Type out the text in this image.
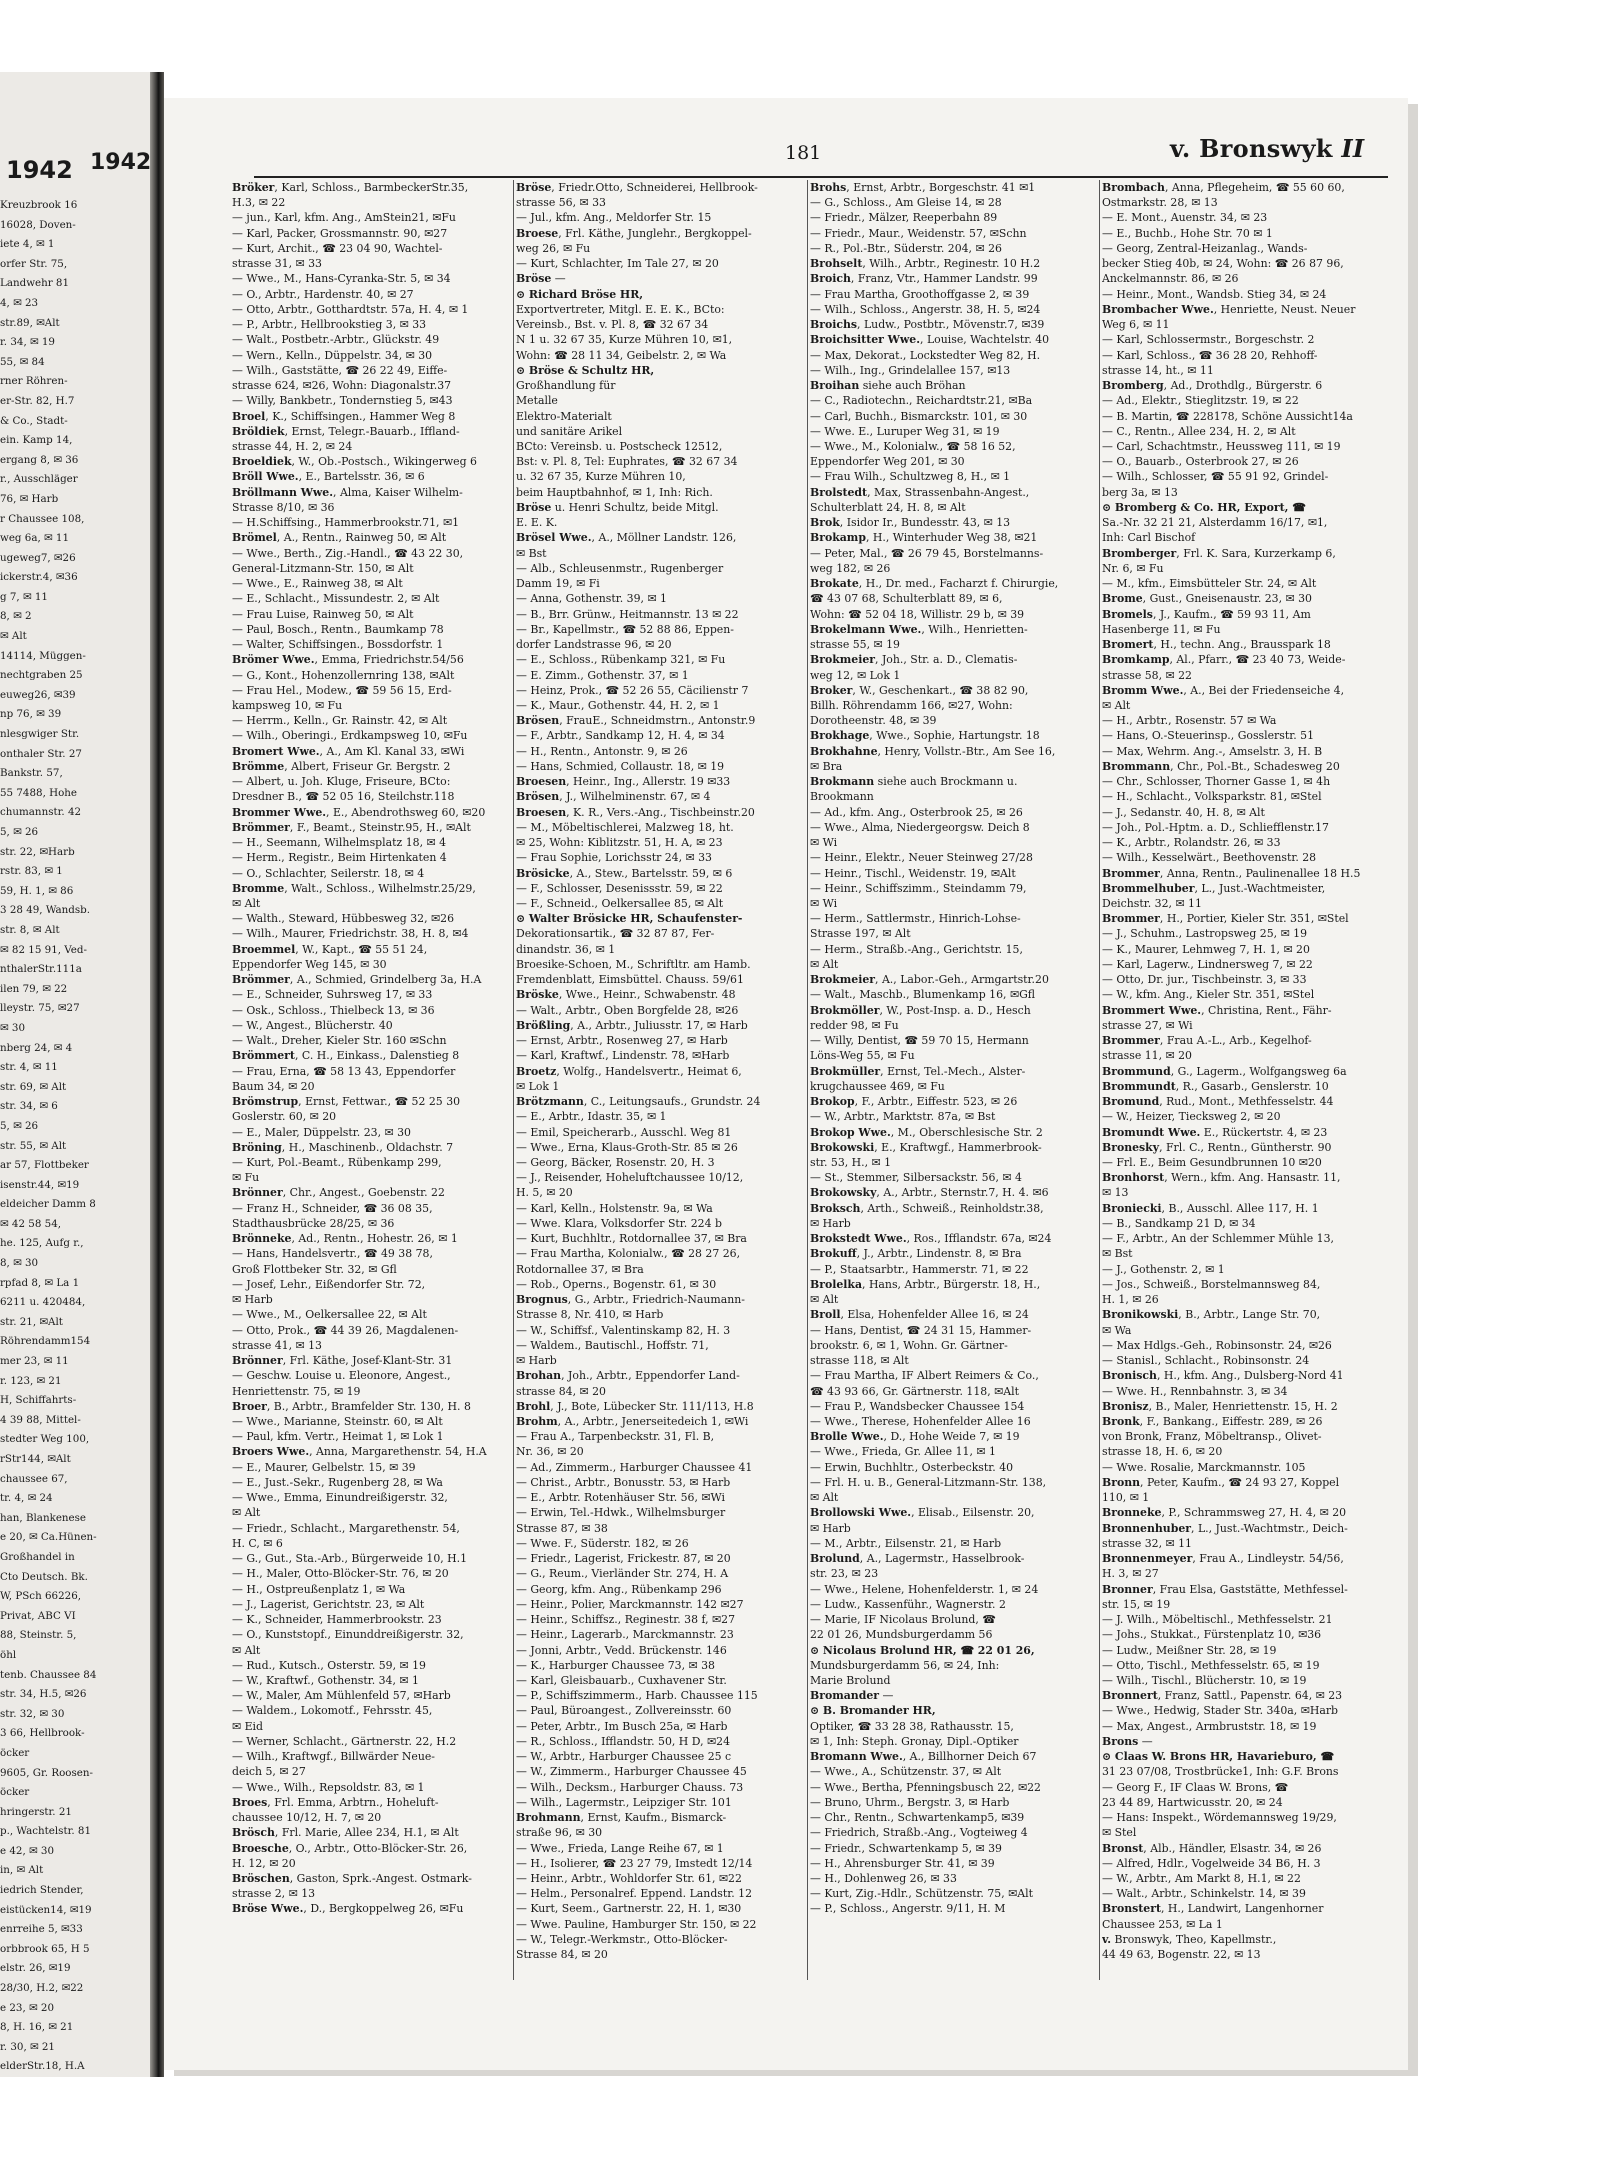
1942
Kreuzbrook 16
16028, Doven-
iete 4, ✉ 1
orfer Str. 75,
Landwehr 81
4, ✉ 23
str.89, ✉Alt
r. 34, ✉ 19
55, ✉ 84
rner Röhren-
er-Str. 82, H.7
& Co., Stadt-
ein. Kamp 14,
ergang 8, ✉ 36
r., Ausschläger
76, ✉ Harb
r Chaussee 108,
weg 6a, ✉ 11
ugeweg7, ✉26
ickerstr.4, ✉36
g 7, ✉ 11
8, ✉ 2
✉ Alt
14114, Müggen-
nechtgraben 25
euweg26, ✉39
np 76, ✉ 39
nlesgwiger Str.
onthaler Str. 27
Bankstr. 57,
55 7488, Hohe
chumannstr. 42
5, ✉ 26
str. 22, ✉Harb
rstr. 83, ✉ 1
59, H. 1, ✉ 86
3 28 49, Wandsb.
str. 8, ✉ Alt
✉ 82 15 91, Ved-
nthalerStr.111a
ilen 79, ✉ 22
lleystr. 75, ✉27
✉ 30
nberg 24, ✉ 4
str. 4, ✉ 11
str. 69, ✉ Alt
str. 34, ✉ 6
5, ✉ 26
str. 55, ✉ Alt
ar 57, Flottbeker
isenstr.44, ✉19
eldeicher Damm 8
✉ 42 58 54,
he. 125, Aufg r.,
8, ✉ 30
rpfad 8, ✉ La 1
6211 u. 420484,
str. 21, ✉Alt
Röhrendamm154
mer 23, ✉ 11
r. 123, ✉ 21
H, Schiffahrts-
4 39 88, Mittel-
stedter Weg 100,
rStr144, ✉Alt
chaussee 67,
tr. 4, ✉ 24
han, Blankenese
e 20, ✉ Ca.Hünen-
Großhandel in
Cto Deutsch. Bk.
W, PSch 66226,
Privat, ABC VI
88, Steinstr. 5,
öhl
tenb. Chaussee 84
str. 34, H.5, ✉26
str. 32, ✉ 30
3 66, Hellbrook-
öcker
9605, Gr. Roosen-
öcker
hringerstr. 21
p., Wachtelstr. 81
e 42, ✉ 30
in, ✉ Alt
iedrich Stender,
eistücken14, ✉19
enrreihe 5, ✉33
orbbrook 65, H 5
elstr. 26, ✉19
28/30, H.2, ✉22
e 23, ✉ 20
8, H. 16, ✉ 21
r. 30, ✉ 21
elderStr.18, H.A
1942	181	v. Bronswyk II
Bröker, Karl, Schloss., BarmbeckerStr.35,
H.3, ✉ 22
— jun., Karl, kfm. Ang., AmStein21, ✉Fu
— Karl, Packer, Grossmannstr. 90, ✉27
— Kurt, Archit., ☎ 23 04 90, Wachtel-
strasse 31, ✉ 33
— Wwe., M., Hans-Cyranka-Str. 5, ✉ 34
— O., Arbtr., Hardenstr. 40, ✉ 27
— Otto, Arbtr., Gotthardtstr. 57a, H. 4, ✉ 1
— P., Arbtr., Hellbrookstieg 3, ✉ 33
— Walt., Postbetr.-Arbtr., Glückstr. 49
— Wern., Kelln., Düppelstr. 34, ✉ 30
— Wilh., Gaststätte, ☎ 26 22 49, Eiffe-
strasse 624, ✉26, Wohn: Diagonalstr.37
— Willy, Bankbetr., Tondernstieg 5, ✉43
Broel, K., Schiffsingen., Hammer Weg 8
Bröldiek, Ernst, Telegr.-Bauarb., Iffland-
strasse 44, H. 2, ✉ 24
Broeldiek, W., Ob.-Postsch., Wikingerweg 6
Bröll Wwe., E., Bartelsstr. 36, ✉ 6
Bröllmann Wwe., Alma, Kaiser Wilhelm-
Strasse 8/10, ✉ 36
— H.Schiffsing., Hammerbrookstr.71, ✉1
Brömel, A., Rentn., Rainweg 50, ✉ Alt
— Wwe., Berth., Zig.-Handl., ☎ 43 22 30,
General-Litzmann-Str. 150, ✉ Alt
— Wwe., E., Rainweg 38, ✉ Alt
— E., Schlacht., Missundestr. 2, ✉ Alt
— Frau Luise, Rainweg 50, ✉ Alt
— Paul, Bosch., Rentn., Baumkamp 78
— Walter, Schiffsingen., Bossdorfstr. 1
Brömer Wwe., Emma, Friedrichstr.54/56
— G., Kont., Hohenzollernring 138, ✉Alt
— Frau Hel., Modew., ☎ 59 56 15, Erd-
kampsweg 10, ✉ Fu
— Herrm., Kelln., Gr. Rainstr. 42, ✉ Alt
— Wilh., Oberingi., Erdkampsweg 10, ✉Fu
Bromert Wwe., A., Am Kl. Kanal 33, ✉Wi
Brömme, Albert, Friseur Gr. Bergstr. 2
— Albert, u. Joh. Kluge, Friseure, BCto:
Dresdner B., ☎ 52 05 16, Steilchstr.118
Brommer Wwe., E., Abendrothsweg 60, ✉20
Brömmer, F., Beamt., Steinstr.95, H., ✉Alt
— H., Seemann, Wilhelmsplatz 18, ✉ 4
— Herm., Registr., Beim Hirtenkaten 4
— O., Schlachter, Seilerstr. 18, ✉ 4
Bromme, Walt., Schloss., Wilhelmstr.25/29,
✉ Alt
— Walth., Steward, Hübbesweg 32, ✉26
— Wilh., Maurer, Friedrichstr. 38, H. 8, ✉4
Broemmel, W., Kapt., ☎ 55 51 24,
Eppendorfer Weg 145, ✉ 30
Brömmer, A., Schmied, Grindelberg 3a, H.A
— E., Schneider, Suhrsweg 17, ✉ 33
— Osk., Schloss., Thielbeck 13, ✉ 36
— W., Angest., Blücherstr. 40
— Walt., Dreher, Kieler Str. 160 ✉Schn
Brömmert, C. H., Einkass., Dalenstieg 8
— Frau, Erna, ☎ 58 13 43, Eppendorfer
Baum 34, ✉ 20
Brömstrup, Ernst, Fettwar., ☎ 52 25 30
Goslerstr. 60, ✉ 20
— E., Maler, Düppelstr. 23, ✉ 30
Bröning, H., Maschinenb., Oldachstr. 7
— Kurt, Pol.-Beamt., Rübenkamp 299,
✉ Fu
Brönner, Chr., Angest., Goebenstr. 22
— Franz H., Schneider, ☎ 36 08 35,
Stadthausbrücke 28/25, ✉ 36
Brönneke, Ad., Rentn., Hohestr. 26, ✉ 1
— Hans, Handelsvertr., ☎ 49 38 78,
Groß Flottbeker Str. 32, ✉ Gfl
— Josef, Lehr., Eißendorfer Str. 72,
✉ Harb
— Wwe., M., Oelkersallee 22, ✉ Alt
— Otto, Prok., ☎ 44 39 26, Magdalenen-
strasse 41, ✉ 13
Brönner, Frl. Käthe, Josef-Klant-Str. 31
— Geschw. Louise u. Eleonore, Angest.,
Henriettenstr. 75, ✉ 19
Broer, B., Arbtr., Bramfelder Str. 130, H. 8
— Wwe., Marianne, Steinstr. 60, ✉ Alt
— Paul, kfm. Vertr., Heimat 1, ✉ Lok 1
Broers Wwe., Anna, Margarethenstr. 54, H.A
— E., Maurer, Gelbelstr. 15, ✉ 39
— E., Just.-Sekr., Rugenberg 28, ✉ Wa
— Wwe., Emma, Einundreißigerstr. 32,
✉ Alt
— Friedr., Schlacht., Margarethenstr. 54,
H. C, ✉ 6
— G., Gut., Sta.-Arb., Bürgerweide 10, H.1
— H., Maler, Otto-Blöcker-Str. 76, ✉ 20
— H., Ostpreußenplatz 1, ✉ Wa
— J., Lagerist, Gerichtstr. 23, ✉ Alt
— K., Schneider, Hammerbrookstr. 23
— O., Kunststopf., Einunddreißigerstr. 32,
✉ Alt
— Rud., Kutsch., Osterstr. 59, ✉ 19
— W., Kraftwf., Gothenstr. 34, ✉ 1
— W., Maler, Am Mühlenfeld 57, ✉Harb
— Waldem., Lokomotf., Fehrsstr. 45,
✉ Eid
— Werner, Schlacht., Gärtnerstr. 22, H.2
— Wilh., Kraftwgf., Billwärder Neue-
deich 5, ✉ 27
— Wwe., Wilh., Repsoldstr. 83, ✉ 1
Broes, Frl. Emma, Arbtrn., Hoheluft-
chaussee 10/12, H. 7, ✉ 20
Brösch, Frl. Marie, Allee 234, H.1, ✉ Alt
Broesche, O., Arbtr., Otto-Blöcker-Str. 26,
H. 12, ✉ 20
Bröschen, Gaston, Sprk.-Angest. Ostmark-
strasse 2, ✉ 13
Bröse Wwe., D., Bergkoppelweg 26, ✉Fu
Bröse, Friedr.Otto, Schneiderei, Hellbrook-
strasse 56, ✉ 33
— Jul., kfm. Ang., Meldorfer Str. 15
Broese, Frl. Käthe, Junglehr., Bergkoppel-
weg 26, ✉ Fu
— Kurt, Schlachter, Im Tale 27, ✉ 20
Bröse —
⊙ Richard Bröse HR,
Exportvertreter, Mitgl. E. E. K., BCto:
Vereinsb., Bst. v. Pl. 8, ☎ 32 67 34
N 1 u. 32 67 35, Kurze Mühren 10, ✉1,
Wohn: ☎ 28 11 34, Geibelstr. 2, ✉ Wa
⊙ Bröse & Schultz HR,
Großhandlung für
Metalle
Elektro-Materialt
und sanitäre Arikel
BCto: Vereinsb. u. Postscheck 12512,
Bst: v. Pl. 8, Tel: Euphrates, ☎ 32 67 34
u. 32 67 35, Kurze Mühren 10,
beim Hauptbahnhof, ✉ 1, Inh: Rich.
Bröse u. Henri Schultz, beide Mitgl.
E. E. K.
Brösel Wwe., A., Möllner Landstr. 126,
✉ Bst
— Alb., Schleusenmstr., Rugenberger
Damm 19, ✉ Fi
— Anna, Gothenstr. 39, ✉ 1
— B., Brr. Grünw., Heitmannstr. 13 ✉ 22
— Br., Kapellmstr., ☎ 52 88 86, Eppen-
dorfer Landstrasse 96, ✉ 20
— E., Schloss., Rübenkamp 321, ✉ Fu
— E. Zimm., Gothenstr. 37, ✉ 1
— Heinz, Prok., ☎ 52 26 55, Cäcilienstr 7
— K., Maur., Gothenstr. 44, H. 2, ✉ 1
Brösen, FrauE., Schneidmstrn., Antonstr.9
— F., Arbtr., Sandkamp 12, H. 4, ✉ 34
— H., Rentn., Antonstr. 9, ✉ 26
— Hans, Schmied, Collaustr. 18, ✉ 19
Broesen, Heinr., Ing., Allerstr. 19 ✉33
Brösen, J., Wilhelminenstr. 67, ✉ 4
Broesen, K. R., Vers.-Ang., Tischbeinstr.20
— M., Möbeltischlerei, Malzweg 18, ht.
✉ 25, Wohn: Kiblitzstr. 51, H. A, ✉ 23
— Frau Sophie, Lorichsstr 24, ✉ 33
Brösicke, A., Stew., Bartelsstr. 59, ✉ 6
— F., Schlosser, Desenissstr. 59, ✉ 22
— F., Schneid., Oelkersallee 85, ✉ Alt
⊙ Walter Brösicke HR, Schaufenster-
Dekorationsartik., ☎ 32 87 87, Fer-
dinandstr. 36, ✉ 1
Broesike-Schoen, M., Schriftltr. am Hamb.
Fremdenblatt, Eimsbüttel. Chauss. 59/61
Bröske, Wwe., Heinr., Schwabenstr. 48
— Walt., Arbtr., Oben Borgfelde 28, ✉26
Brößling, A., Arbtr., Juliusstr. 17, ✉ Harb
— Ernst, Arbtr., Rosenweg 27, ✉ Harb
— Karl, Kraftwf., Lindenstr. 78, ✉Harb
Broetz, Wolfg., Handelsvertr., Heimat 6,
✉ Lok 1
Brötzmann, C., Leitungsaufs., Grundstr. 24
— E., Arbtr., Idastr. 35, ✉ 1
— Emil, Speicherarb., Ausschl. Weg 81
— Wwe., Erna, Klaus-Groth-Str. 85 ✉ 26
— Georg, Bäcker, Rosenstr. 20, H. 3
— J., Reisender, Hoheluftchaussee 10/12,
H. 5, ✉ 20
— Karl, Kelln., Holstenstr. 9a, ✉ Wa
— Wwe. Klara, Volksdorfer Str. 224 b
— Kurt, Buchhltr., Rotdornallee 37, ✉ Bra
— Frau Martha, Kolonialw., ☎ 28 27 26,
Rotdornallee 37, ✉ Bra
— Rob., Operns., Bogenstr. 61, ✉ 30
Brognus, G., Arbtr., Friedrich-Naumann-
Strasse 8, Nr. 410, ✉ Harb
— W., Schiffsf., Valentinskamp 82, H. 3
— Waldem., Bautischl., Hoffstr. 71,
✉ Harb
Brohan, Joh., Arbtr., Eppendorfer Land-
strasse 84, ✉ 20
Brohl, J., Bote, Lübecker Str. 111/113, H.8
Brohm, A., Arbtr., Jenerseitedeich 1, ✉Wi
— Frau A., Tarpenbeckstr. 31, Fl. B,
Nr. 36, ✉ 20
— Ad., Zimmerm., Harburger Chaussee 41
— Christ., Arbtr., Bonusstr. 53, ✉ Harb
— E., Arbtr. Rotenhäuser Str. 56, ✉Wi
— Erwin, Tel.-Hdwk., Wilhelmsburger
Strasse 87, ✉ 38
— Wwe. F., Süderstr. 182, ✉ 26
— Friedr., Lagerist, Frickestr. 87, ✉ 20
— G., Reum., Vierländer Str. 274, H. A
— Georg, kfm. Ang., Rübenkamp 296
— Heinr., Polier, Marckmannstr. 142 ✉27
— Heinr., Schiffsz., Reginestr. 38 f, ✉27
— Heinr., Lagerarb., Marckmannstr. 23
— Jonni, Arbtr., Vedd. Brückenstr. 146
— K., Harburger Chaussee 73, ✉ 38
— Karl, Gleisbauarb., Cuxhavener Str.
— P., Schiffszimmerm., Harb. Chaussee 115
— Paul, Büroangest., Zollvereinsstr. 60
— Peter, Arbtr., Im Busch 25a, ✉ Harb
— R., Schloss., Ifflandstr. 50, H D, ✉24
— W., Arbtr., Harburger Chaussee 25 c
— W., Zimmerm., Harburger Chaussee 45
— Wilh., Decksm., Harburger Chauss. 73
— Wilh., Lagermstr., Leipziger Str. 101
Brohmann, Ernst, Kaufm., Bismarck-
straße 96, ✉ 30
— Wwe., Frieda, Lange Reihe 67, ✉ 1
— H., Isolierer, ☎ 23 27 79, Imstedt 12/14
— Heinr., Arbtr., Wohldorfer Str. 61, ✉22
— Helm., Personalref. Eppend. Landstr. 12
— Kurt, Seem., Gartnerstr. 22, H. 1, ✉30
— Wwe. Pauline, Hamburger Str. 150, ✉ 22
— W., Telegr.-Werkmstr., Otto-Blöcker-
Strasse 84, ✉ 20
Brohs, Ernst, Arbtr., Borgeschstr. 41 ✉1
— G., Schloss., Am Gleise 14, ✉ 28
— Friedr., Mälzer, Reeperbahn 89
— Friedr., Maur., Weidenstr. 57, ✉Schn
— R., Pol.-Btr., Süderstr. 204, ✉ 26
Brohselt, Wilh., Arbtr., Reginestr. 10 H.2
Broich, Franz, Vtr., Hammer Landstr. 99
— Frau Martha, Groothoffgasse 2, ✉ 39
— Wilh., Schloss., Angerstr. 38, H. 5, ✉24
Broichs, Ludw., Postbtr., Mövenstr.7, ✉39
Broichsitter Wwe., Louise, Wachtelstr. 40
— Max, Dekorat., Lockstedter Weg 82, H.
— Wilh., Ing., Grindelallee 157, ✉13
Broihan siehe auch Bröhan
— C., Radiotechn., Reichardtstr.21, ✉Ba
— Carl, Buchh., Bismarckstr. 101, ✉ 30
— Wwe. E., Luruper Weg 31, ✉ 19
— Wwe., M., Kolonialw., ☎ 58 16 52,
Eppendorfer Weg 201, ✉ 30
— Frau Wilh., Schultzweg 8, H., ✉ 1
Brolstedt, Max, Strassenbahn-Angest.,
Schulterblatt 24, H. 8, ✉ Alt
Brok, Isidor Ir., Bundesstr. 43, ✉ 13
Brokamp, H., Winterhuder Weg 38, ✉21
— Peter, Mal., ☎ 26 79 45, Borstelmanns-
weg 182, ✉ 26
Brokate, H., Dr. med., Facharzt f. Chirurgie,
☎ 43 07 68, Schulterblatt 89, ✉ 6,
Wohn: ☎ 52 04 18, Willistr. 29 b, ✉ 39
Brokelmann Wwe., Wilh., Henrietten-
strasse 55, ✉ 19
Brokmeier, Joh., Str. a. D., Clematis-
weg 12, ✉ Lok 1
Broker, W., Geschenkart., ☎ 38 82 90,
Billh. Röhrendamm 166, ✉27, Wohn:
Dorotheenstr. 48, ✉ 39
Brokhage, Wwe., Sophie, Hartungstr. 18
Brokhahne, Henry, Vollstr.-Btr., Am See 16,
✉ Bra
Brokmann siehe auch Brockmann u.
Brookmann
— Ad., kfm. Ang., Osterbrook 25, ✉ 26
— Wwe., Alma, Niedergeorgsw. Deich 8
✉ Wi
— Heinr., Elektr., Neuer Steinweg 27/28
— Heinr., Tischl., Weidenstr. 19, ✉Alt
— Heinr., Schiffszimm., Steindamm 79,
✉ Wi
— Herm., Sattlermstr., Hinrich-Lohse-
Strasse 197, ✉ Alt
— Herm., Straßb.-Ang., Gerichtstr. 15,
✉ Alt
Brokmeier, A., Labor.-Geh., Armgartstr.20
— Walt., Maschb., Blumenkamp 16, ✉Gfl
Brokmöller, W., Post-Insp. a. D., Hesch
redder 98, ✉ Fu
— Willy, Dentist, ☎ 59 70 15, Hermann
Löns-Weg 55, ✉ Fu
Brokmüller, Ernst, Tel.-Mech., Alster-
krugchaussee 469, ✉ Fu
Brokop, F., Arbtr., Eiffestr. 523, ✉ 26
— W., Arbtr., Marktstr. 87a, ✉ Bst
Brokop Wwe., M., Oberschlesische Str. 2
Brokowski, E., Kraftwgf., Hammerbrook-
str. 53, H., ✉ 1
— St., Stemmer, Silbersackstr. 56, ✉ 4
Brokowsky, A., Arbtr., Sternstr.7, H. 4. ✉6
Broksch, Arth., Schweiß., Reinholdstr.38,
✉ Harb
Brokstedt Wwe., Ros., Ifflandstr. 67a, ✉24
Brokuff, J., Arbtr., Lindenstr. 8, ✉ Bra
— P., Staatsarbtr., Hammerstr. 71, ✉ 22
Brolelka, Hans, Arbtr., Bürgerstr. 18, H.,
✉ Alt
Broll, Elsa, Hohenfelder Allee 16, ✉ 24
— Hans, Dentist, ☎ 24 31 15, Hammer-
brookstr. 6, ✉ 1, Wohn. Gr. Gärtner-
strasse 118, ✉ Alt
— Frau Martha, IF Albert Reimers & Co.,
☎ 43 93 66, Gr. Gärtnerstr. 118, ✉Alt
— Frau P., Wandsbecker Chaussee 154
— Wwe., Therese, Hohenfelder Allee 16
Brolle Wwe., D., Hohe Weide 7, ✉ 19
— Wwe., Frieda, Gr. Allee 11, ✉ 1
— Erwin, Buchhltr., Osterbeckstr. 40
— Frl. H. u. B., General-Litzmann-Str. 138,
✉ Alt
Brollowski Wwe., Elisab., Eilsenstr. 20,
✉ Harb
— M., Arbtr., Eilsenstr. 21, ✉ Harb
Brolund, A., Lagermstr., Hasselbrook-
str. 23, ✉ 23
— Wwe., Helene, Hohenfelderstr. 1, ✉ 24
— Ludw., Kassenführ., Wagnerstr. 2
— Marie, IF Nicolaus Brolund, ☎
22 01 26, Mundsburgerdamm 56
⊙ Nicolaus Brolund HR, ☎ 22 01 26,
Mundsburgerdamm 56, ✉ 24, Inh:
Marie Brolund
Bromander —
⊙ B. Bromander HR,
Optiker, ☎ 33 28 38, Rathausstr. 15,
✉ 1, Inh: Steph. Gronay, Dipl.-Optiker
Bromann Wwe., A., Billhorner Deich 67
— Wwe., A., Schützenstr. 37, ✉ Alt
— Wwe., Bertha, Pfenningsbusch 22, ✉22
— Bruno, Uhrm., Bergstr. 3, ✉ Harb
— Chr., Rentn., Schwartenkamp5, ✉39
— Friedrich, Straßb.-Ang., Vogteiweg 4
— Friedr., Schwartenkamp 5, ✉ 39
— H., Ahrensburger Str. 41, ✉ 39
— H., Dohlenweg 26, ✉ 33
— Kurt, Zig.-Hdlr., Schützenstr. 75, ✉Alt
— P., Schloss., Angerstr. 9/11, H. M
Brombach, Anna, Pflegeheim, ☎ 55 60 60,
Ostmarkstr. 28, ✉ 13
— E. Mont., Auenstr. 34, ✉ 23
— E., Buchb., Hohe Str. 70 ✉ 1
— Georg, Zentral-Heizanlag., Wands-
becker Stieg 40b, ✉ 24, Wohn: ☎ 26 87 96,
Anckelmannstr. 86, ✉ 26
— Heinr., Mont., Wandsb. Stieg 34, ✉ 24
Brombacher Wwe., Henriette, Neust. Neuer
Weg 6, ✉ 11
— Karl, Schlossermstr., Borgeschstr. 2
— Karl, Schloss., ☎ 36 28 20, Rehhoff-
strasse 14, ht., ✉ 11
Bromberg, Ad., Drothdlg., Bürgerstr. 6
— Ad., Elektr., Stieglitzstr. 19, ✉ 22
— B. Martin, ☎ 228178, Schöne Aussicht14a
— C., Rentn., Allee 234, H. 2, ✉ Alt
— Carl, Schachtmstr., Heussweg 111, ✉ 19
— O., Bauarb., Osterbrook 27, ✉ 26
— Wilh., Schlosser, ☎ 55 91 92, Grindel-
berg 3a, ✉ 13
⊙ Bromberg & Co. HR, Export, ☎
Sa.-Nr. 32 21 21, Alsterdamm 16/17, ✉1,
Inh: Carl Bischof
Bromberger, Frl. K. Sara, Kurzerkamp 6,
Nr. 6, ✉ Fu
— M., kfm., Eimsbütteler Str. 24, ✉ Alt
Brome, Gust., Gneisenaustr. 23, ✉ 30
Bromels, J., Kaufm., ☎ 59 93 11, Am
Hasenberge 11, ✉ Fu
Bromert, H., techn. Ang., Brausspark 18
Bromkamp, Al., Pfarr., ☎ 23 40 73, Weide-
strasse 58, ✉ 22
Bromm Wwe., A., Bei der Friedenseiche 4,
✉ Alt
— H., Arbtr., Rosenstr. 57 ✉ Wa
— Hans, O.-Steuerinsp., Gosslerstr. 51
— Max, Wehrm. Ang.-, Amselstr. 3, H. B
Brommann, Chr., Pol.-Bt., Schadesweg 20
— Chr., Schlosser, Thorner Gasse 1, ✉ 4h
— H., Schlacht., Volksparkstr. 81, ✉Stel
— J., Sedanstr. 40, H. 8, ✉ Alt
— Joh., Pol.-Hptm. a. D., Schliefflenstr.17
— K., Arbtr., Rolandstr. 26, ✉ 33
— Wilh., Kesselwärt., Beethovenstr. 28
Brommer, Anna, Rentn., Paulinenallee 18 H.5
Brommelhuber, L., Just.-Wachtmeister,
Deichstr. 32, ✉ 11
Brommer, H., Portier, Kieler Str. 351, ✉Stel
— J., Schuhm., Lastropsweg 25, ✉ 19
— K., Maurer, Lehmweg 7, H. 1, ✉ 20
— Karl, Lagerw., Lindnersweg 7, ✉ 22
— Otto, Dr. jur., Tischbeinstr. 3, ✉ 33
— W., kfm. Ang., Kieler Str. 351, ✉Stel
Brommert Wwe., Christina, Rent., Fähr-
strasse 27, ✉ Wi
Brommer, Frau A.-L., Arb., Kegelhof-
strasse 11, ✉ 20
Brommund, G., Lagerm., Wolfgangsweg 6a
Brommundt, R., Gasarb., Genslerstr. 10
Bromund, Rud., Mont., Methfesselstr. 44
— W., Heizer, Tiecksweg 2, ✉ 20
Bromundt Wwe. E., Rückertstr. 4, ✉ 23
Bronesky, Frl. C., Rentn., Güntherstr. 90
— Frl. E., Beim Gesundbrunnen 10 ✉20
Bronhorst, Wern., kfm. Ang. Hansastr. 11,
✉ 13
Broniecki, B., Ausschl. Allee 117, H. 1
— B., Sandkamp 21 D, ✉ 34
— F., Arbtr., An der Schlemmer Mühle 13,
✉ Bst
— J., Gothenstr. 2, ✉ 1
— Jos., Schweiß., Borstelmannsweg 84,
H. 1, ✉ 26
Bronikowski, B., Arbtr., Lange Str. 70,
✉ Wa
— Max Hdlgs.-Geh., Robinsonstr. 24, ✉26
— Stanisl., Schlacht., Robinsonstr. 24
Bronisch, H., kfm. Ang., Dulsberg-Nord 41
— Wwe. H., Rennbahnstr. 3, ✉ 34
Bronisz, B., Maler, Henriettenstr. 15, H. 2
Bronk, F., Bankang., Eiffestr. 289, ✉ 26
von Bronk, Franz, Möbeltransp., Olivet-
strasse 18, H. 6, ✉ 20
— Wwe. Rosalie, Marckmannstr. 105
Bronn, Peter, Kaufm., ☎ 24 93 27, Koppel
110, ✉ 1
Bronneke, P., Schrammsweg 27, H. 4, ✉ 20
Bronnenhuber, L., Just.-Wachtmstr., Deich-
strasse 32, ✉ 11
Bronnenmeyer, Frau A., Lindleystr. 54/56,
H. 3, ✉ 27
Bronner, Frau Elsa, Gaststätte, Methfessel-
str. 15, ✉ 19
— J. Wilh., Möbeltischl., Methfesselstr. 21
— Johs., Stukkat., Fürstenplatz 10, ✉36
— Ludw., Meißner Str. 28, ✉ 19
— Otto, Tischl., Methfesselstr. 65, ✉ 19
— Wilh., Tischl., Blücherstr. 10, ✉ 19
Bronnert, Franz, Sattl., Papenstr. 64, ✉ 23
— Wwe., Hedwig, Stader Str. 340a, ✉Harb
— Max, Angest., Armbruststr. 18, ✉ 19
Brons —
⊙ Claas W. Brons HR, Havarieburo, ☎
31 23 07/08, Trostbrücke1, Inh: G.F. Brons
— Georg F., IF Claas W. Brons, ☎
23 44 89, Hartwicusstr. 20, ✉ 24
— Hans: Inspekt., Wördemannsweg 19/29,
✉ Stel
Bronst, Alb., Händler, Elsastr. 34, ✉ 26
— Alfred, Hdlr., Vogelweide 34 B6, H. 3
— W., Arbtr., Am Markt 8, H.1, ✉ 22
— Walt., Arbtr., Schinkelstr. 14, ✉ 39
Bronstert, H., Landwirt, Langenhorner
Chaussee 253, ✉ La 1
v. Bronswyk, Theo, Kapellmstr.,
44 49 63, Bogenstr. 22, ✉ 13
